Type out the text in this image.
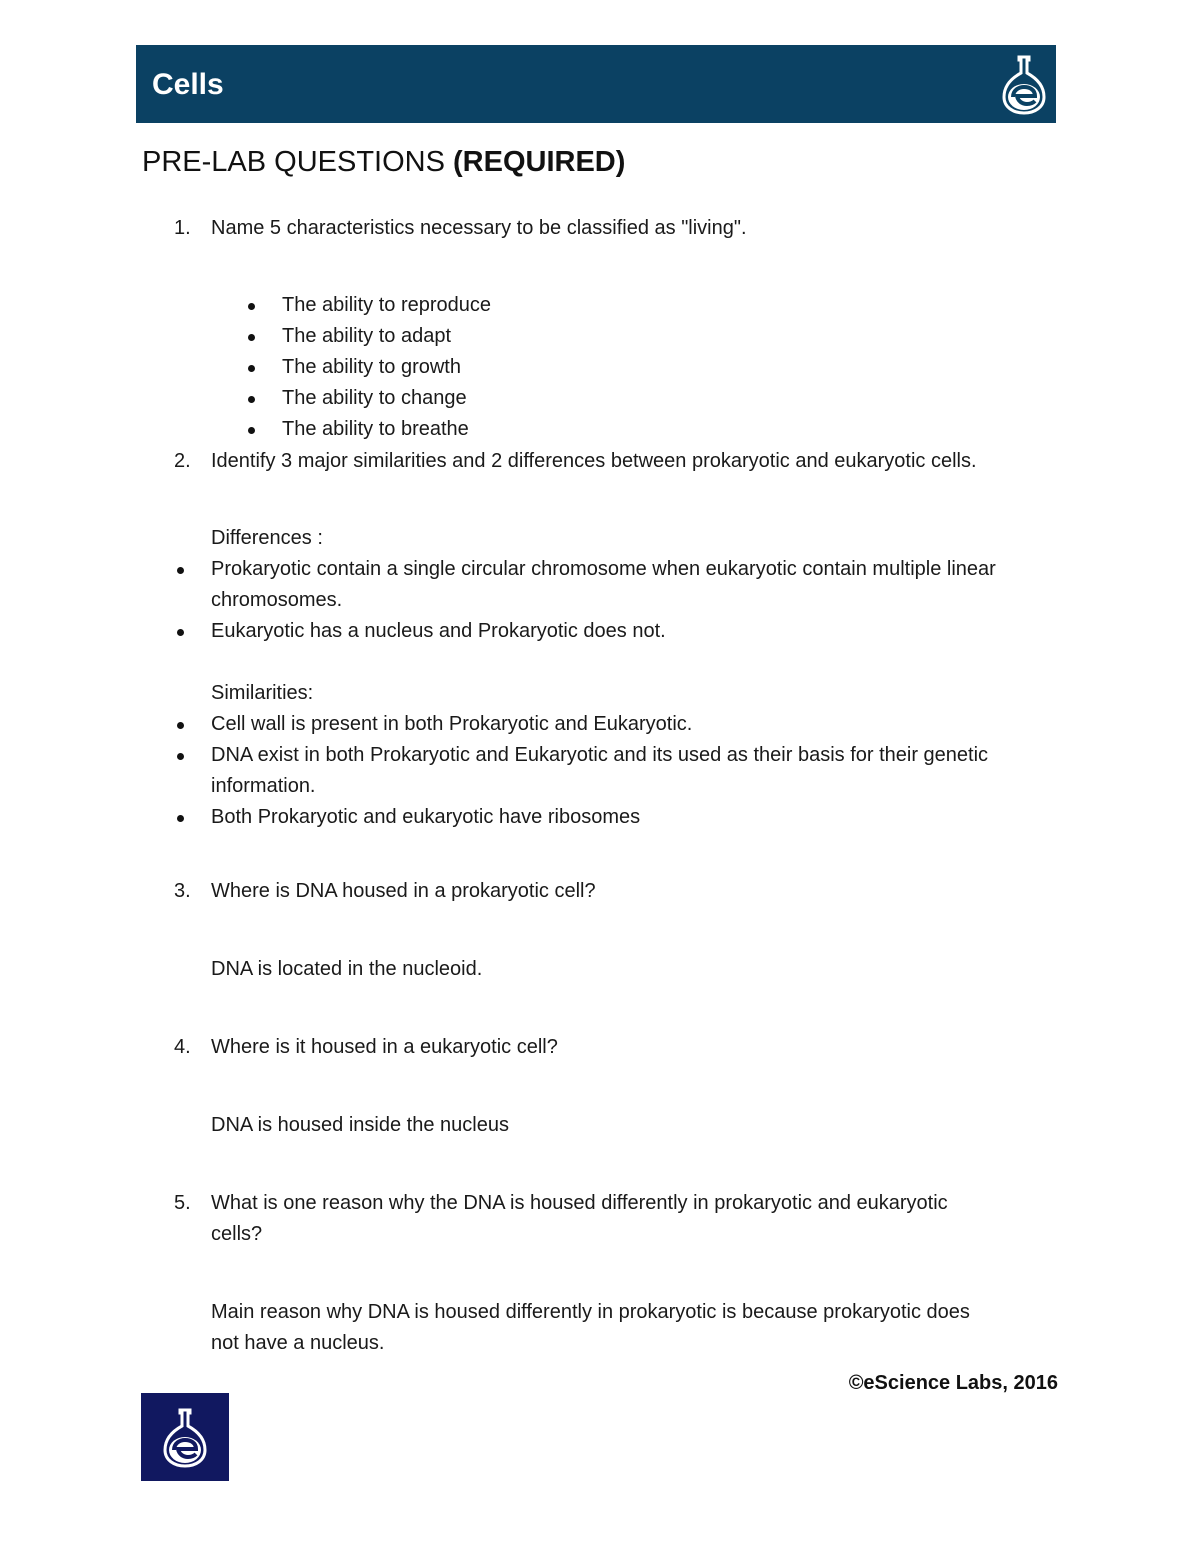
Cells
PRE-LAB QUESTIONS (REQUIRED)
1. Name 5 characteristics necessary to be classified as "living".
The ability to reproduce
The ability to adapt
The ability to growth
The ability to change
The ability to breathe
2. Identify 3 major similarities and 2 differences between prokaryotic and eukaryotic cells.
Differences :
Prokaryotic contain a single circular chromosome when eukaryotic contain multiple linear
chromosomes.
Eukaryotic has a nucleus and Prokaryotic does not.
Similarities:
Cell wall is present in both Prokaryotic and Eukaryotic.
DNA exist in both Prokaryotic and Eukaryotic and its used as their basis for their genetic
information.
Both Prokaryotic and eukaryotic have ribosomes
3. Where is DNA housed in a prokaryotic cell?
DNA is located in the nucleoid.
4. Where is it housed in a eukaryotic cell?
DNA is housed inside the nucleus
5. What is one reason why the DNA is housed differently in prokaryotic and eukaryotic
cells?
Main reason why DNA is housed differently in prokaryotic is because prokaryotic does
not have a nucleus.
©eScience Labs, 2016
